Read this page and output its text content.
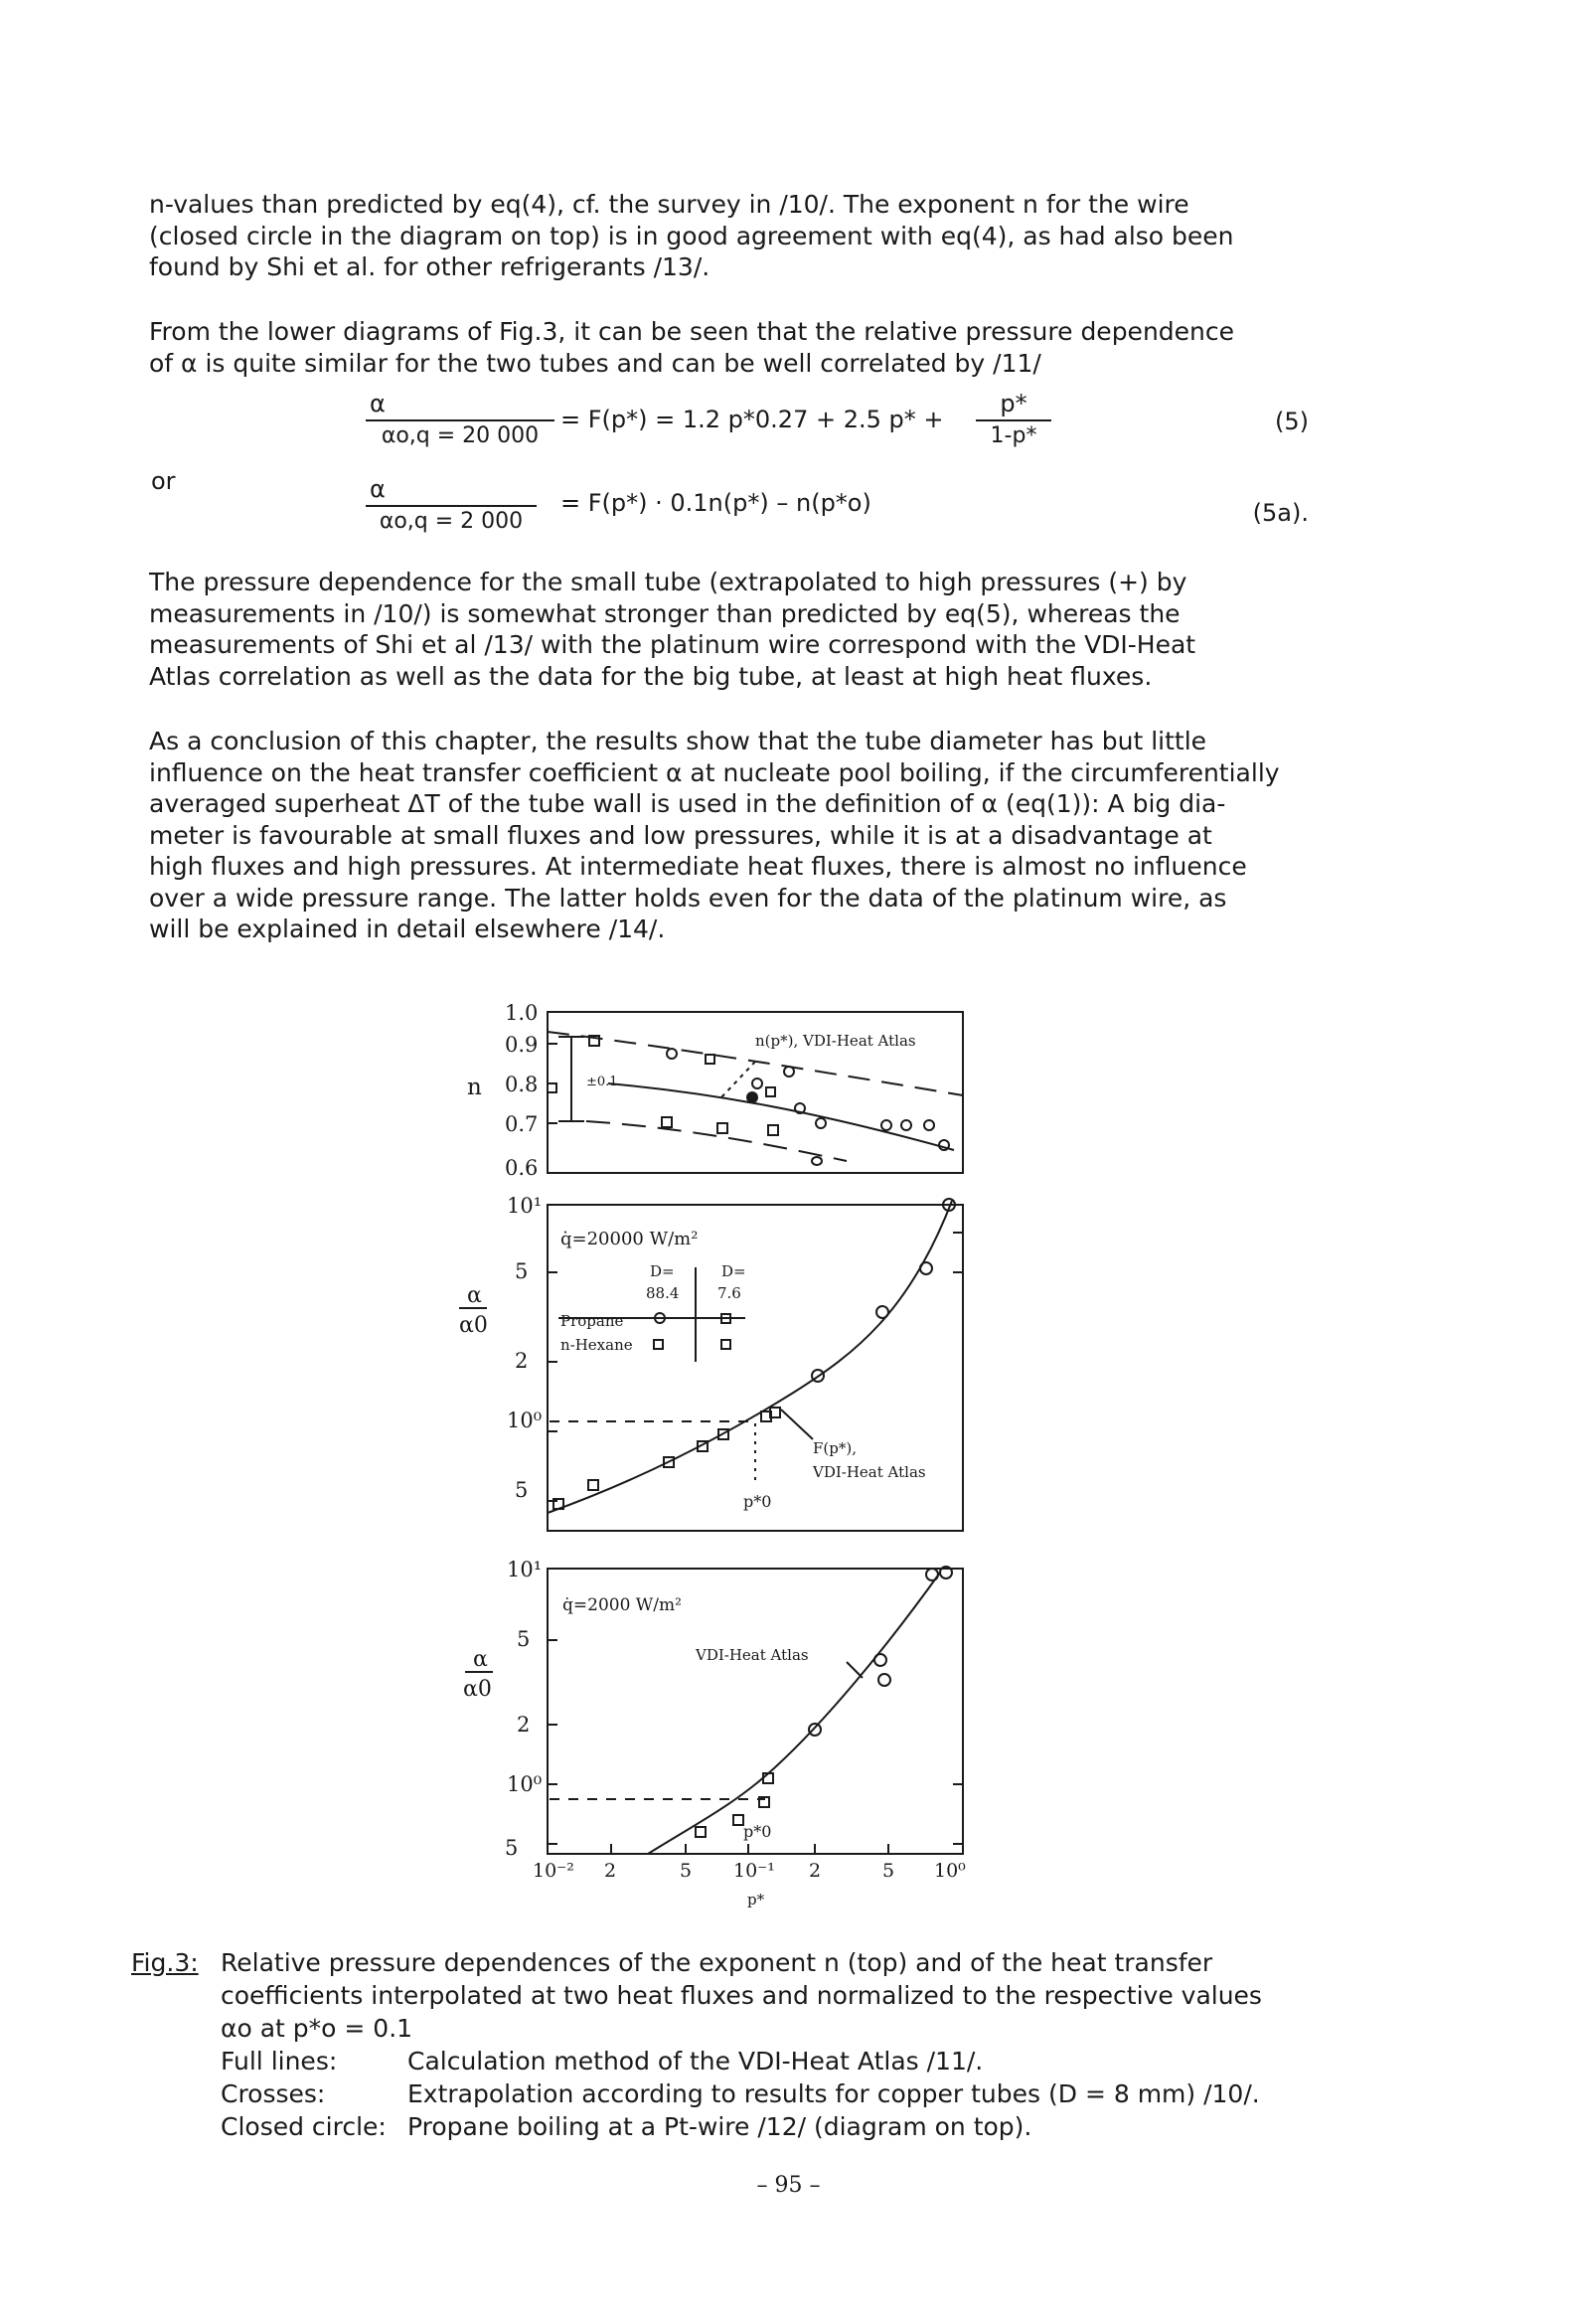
n-values than predicted by eq(4), cf. the survey in /10/. The exponent n for the wire
(closed circle in the diagram on top) is in good agreement with eq(4), as had also been
found by Shi et al. for other refrigerants /13/.
From the lower diagrams of Fig.3, it can be seen that the relative pressure dependence
of α is quite similar for the two tubes and can be well correlated by /11/
$\frac{\alpha}{\alpha o,q = 20 000} = F(p*) = 1.2$ p*0.27 + 2.5 $p* + \frac{p*}{1-p*}$	(5)
or	$\frac{\alpha}{\alpha o,q = 2 000} = F(p*) \cdot 0.1n(p*) - n(p*o)$	(5a).
The pressure dependence for the small tube (extrapolated to high pressures (+) by
measurements in /10/) is somewhat stronger than predicted by eq(5), whereas the
measurements of Shi et al /13/ with the platinum wire correspond with the VDI-Heat
Atlas correlation as well as the data for the big tube, at least at high heat fluxes.
As a conclusion of this chapter, the results show that the tube diameter has but little
influence on the heat transfer coefficient α at nucleate pool boiling, if the circumferentially
averaged superheat ΔT of the tube wall is used in the definition of α (eq(1)): A big dia-
meter is favourable at small fluxes and low pressures, while it is at a disadvantage at
high fluxes and high pressures. At intermediate heat fluxes, there is almost no influence
over a wide pressure range. The latter holds even for the data of the platinum wire, as
will be explained in detail elsewhere /14/.
n
1.0
0.9
0.8
0.7
0.6
n(p*), VDI-Heat Atlas
±0.1
α
α0
10¹
5
2
10⁰
5
q̇=20000 W/m²
D=	D=
88.4	7.6
Propane
n-Hexane
F(p*),
VDI-Heat Atlas
p*0
α
α0
10¹
5
2
10⁰
5
q̇=2000 W/m²
VDI-Heat Atlas
p*0
10⁻² 2	5 10⁻¹ 2	5 10⁰
p*
Fig.3: Relative pressure dependences of the exponent n (top) and of the heat transfer
coefficients interpolated at two heat fluxes and normalized to the respective values
αo at p*o = 0.1
Full lines:	Calculation method of the VDI-Heat Atlas /11/.
Crosses:	Extrapolation according to results for copper tubes (D = 8 mm) /10/.
Closed circle: Propane boiling at a Pt-wire /12/ (diagram on top).
– 95 –
